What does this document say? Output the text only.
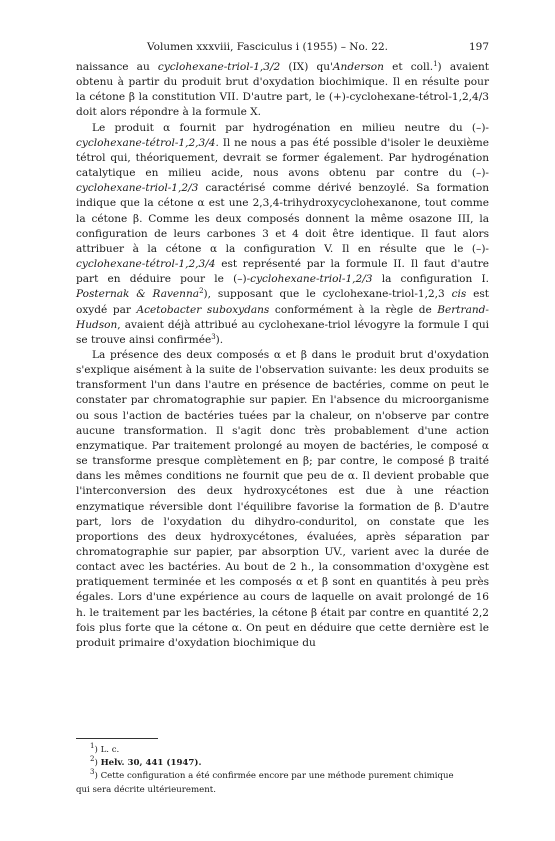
Volumen xxxviii, Fasciculus i (1955) – No. 22.	197

naissance au cyclohexane-triol-1,3/2 (IX) qu'Anderson et coll.$^1$) avaient obtenu à partir du produit brut d'oxydation biochimique. Il en résulte pour la cétone β la constitution VII. D'autre part, le (+)-cyclohexane-tétrol-1,2,4/3 doit alors répondre à la formule X.

Le produit α fournit par hydrogénation en milieu neutre du (–)-cyclohexane-tétrol-1,2,3/4. Il ne nous a pas été possible d'isoler le deuxième tétrol qui, théoriquement, devrait se former également. Par hydrogénation catalytique en milieu acide, nous avons obtenu par contre du (–)-cyclohexane-triol-1,2/3 caractérisé comme dérivé benzoylé. Sa formation indique que la cétone α est une 2,3,4-trihydroxycyclohexanone, tout comme la cétone β. Comme les deux composés donnent la même osazone III, la configuration de leurs carbones 3 et 4 doit être identique. Il faut alors attribuer à la cétone α la configuration V. Il en résulte que le (–)-cyclohexane-tétrol-1,2,3/4 est représenté par la formule II. Il faut d'autre part en déduire pour le (–)-cyclohexane-triol-1,2/3 la configuration I. Posternak & Ravenna$^2$), supposant que le cyclohexane-triol-1,2,3 cis est oxydé par Acetobacter suboxydans conformément à la règle de Bertrand-Hudson, avaient déjà attribué au cyclohexane-triol lévogyre la formule I qui se trouve ainsi confirmée$^3$).

La présence des deux composés α et β dans le produit brut d'oxydation s'explique aisément à la suite de l'observation suivante: les deux produits se transforment l'un dans l'autre en présence de bactéries, comme on peut le constater par chromatographie sur papier. En l'absence du microorganisme ou sous l'action de bactéries tuées par la chaleur, on n'observe par contre aucune transformation. Il s'agit donc très probablement d'une action enzymatique. Par traitement prolongé au moyen de bactéries, le composé α se transforme presque complètement en β; par contre, le composé β traité dans les mêmes conditions ne fournit que peu de α. Il devient probable que l'interconversion des deux hydroxycétones est due à une réaction enzymatique réversible dont l'équilibre favorise la formation de β. D'autre part, lors de l'oxydation du dihydro-conduritol, on constate que les proportions des deux hydroxycétones, évaluées, après séparation par chromatographie sur papier, par absorption UV., varient avec la durée de contact avec les bactéries. Au bout de 2 h., la consommation d'oxygène est pratiquement terminée et les composés α et β sont en quantités à peu près égales. Lors d'une expérience au cours de laquelle on avait prolongé de 16 h. le traitement par les bactéries, la cétone β était par contre en quantité 2,2 fois plus forte que la cétone α. On peut en déduire que cette dernière est le produit primaire d'oxydation biochimique du

$^1$) L. c.
$^2$) Helv. 30, 441 (1947).
$^3$) Cette configuration a été confirmée encore par une méthode purement chimique
qui sera décrite ultérieurement.
